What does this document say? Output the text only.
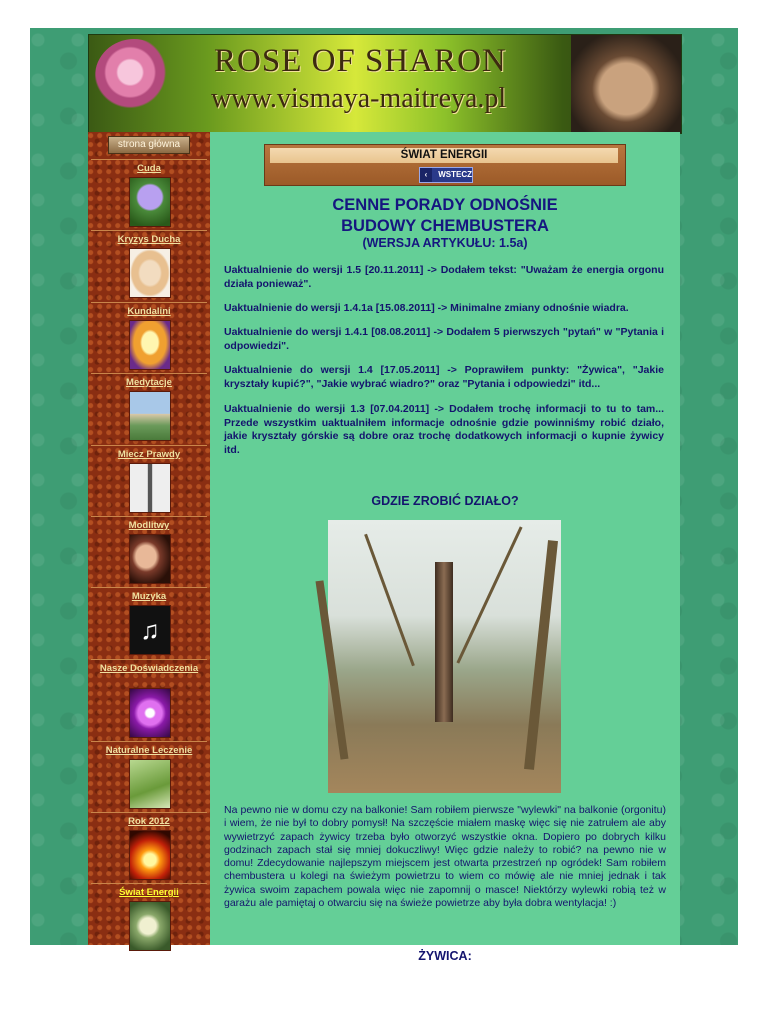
ROSE OF SHARON
www.vismaya-maitreya.pl
strona główna
Cuda
Kryzys Ducha
Kundalini
Medytacje
Miecz Prawdy
Modlitwy
Muzyka
♫
Nasze Doświadczenia
Naturalne Leczenie
Rok 2012
Świat Energii
ŚWIAT ENERGII
‹ WSTECZ
CENNE PORADY ODNOŚNIE
BUDOWY CHEMBUSTERA
(WERSJA ARTYKUŁU: 1.5a)
Uaktualnienie do wersji 1.5 [20.11.2011] -> Dodałem tekst: "Uważam że energia orgonu działa ponieważ".
Uaktualnienie do wersji 1.4.1a [15.08.2011] -> Minimalne zmiany odnośnie wiadra.
Uaktualnienie do wersji 1.4.1 [08.08.2011] -> Dodałem 5 pierwszych "pytań" w "Pytania i odpowiedzi".
Uaktualnienie do wersji 1.4 [17.05.2011] -> Poprawiłem punkty: "Żywica", "Jakie kryształy kupić?", "Jakie wybrać wiadro?" oraz "Pytania i odpowiedzi" itd...
Uaktualnienie do wersji 1.3 [07.04.2011] -> Dodałem trochę informacji to tu to tam... Przede wszystkim uaktualniłem informacje odnośnie gdzie powinniśmy robić działo, jakie kryształy górskie są dobre oraz trochę dodatkowych informacji o kupnie żywicy itd.
GDZIE ZROBIĆ DZIAŁO?
Na pewno nie w domu czy na balkonie! Sam robiłem pierwsze "wylewki" na balkonie (orgonitu) i wiem, że nie był to dobry pomysł! Na szczęście miałem maskę więc się nie zatrułem ale aby wywietrzyć zapach żywicy trzeba było otworzyć wszystkie okna. Dopiero po dobrych kilku godzinach zapach stał się mniej dokuczliwy! Więc gdzie należy to robić? na pewno nie w domu! Zdecydowanie najlepszym miejscem jest otwarta przestrzeń np ogródek! Sam robiłem chembustera u kolegi na świeżym powietrzu to wiem co mówię ale nie mniej jednak i tak żywica swoim zapachem powala więc nie zapomnij o masce! Niektórzy wylewki robią też w garażu ale pamiętaj o otwarciu się na świeże powietrze aby była dobra wentylacja! :)
ŻYWICA:
